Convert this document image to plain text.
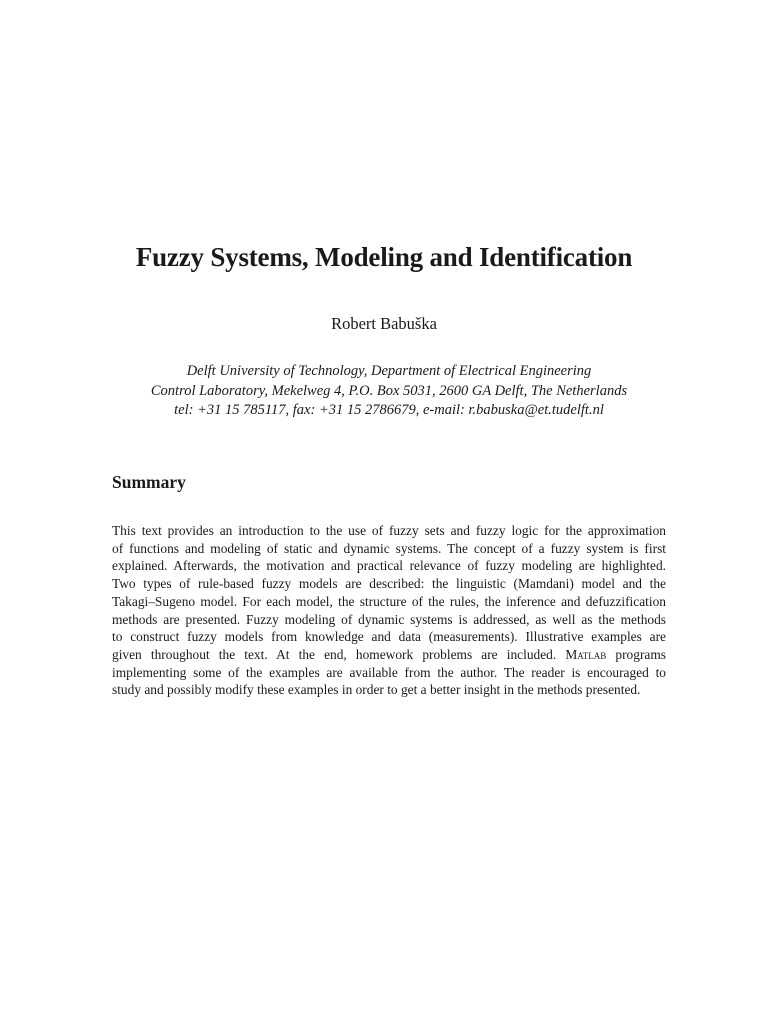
Fuzzy Systems, Modeling and Identification
Robert Babuška
Delft University of Technology, Department of Electrical Engineering
Control Laboratory, Mekelweg 4, P.O. Box 5031, 2600 GA Delft, The Netherlands
tel: +31 15 785117, fax: +31 15 2786679, e-mail: r.babuska@et.tudelft.nl
Summary
This text provides an introduction to the use of fuzzy sets and fuzzy logic for the approximation
of functions and modeling of static and dynamic systems. The concept of a fuzzy system is first
explained. Afterwards, the motivation and practical relevance of fuzzy modeling are highlighted.
Two types of rule-based fuzzy models are described: the linguistic (Mamdani) model and the
Takagi–Sugeno model. For each model, the structure of the rules, the inference and defuzzification
methods are presented. Fuzzy modeling of dynamic systems is addressed, as well as the methods
to construct fuzzy models from knowledge and data (measurements). Illustrative examples are
given throughout the text. At the end, homework problems are included. Matlab programs
implementing some of the examples are available from the author. The reader is encouraged to
study and possibly modify these examples in order to get a better insight in the methods presented.
